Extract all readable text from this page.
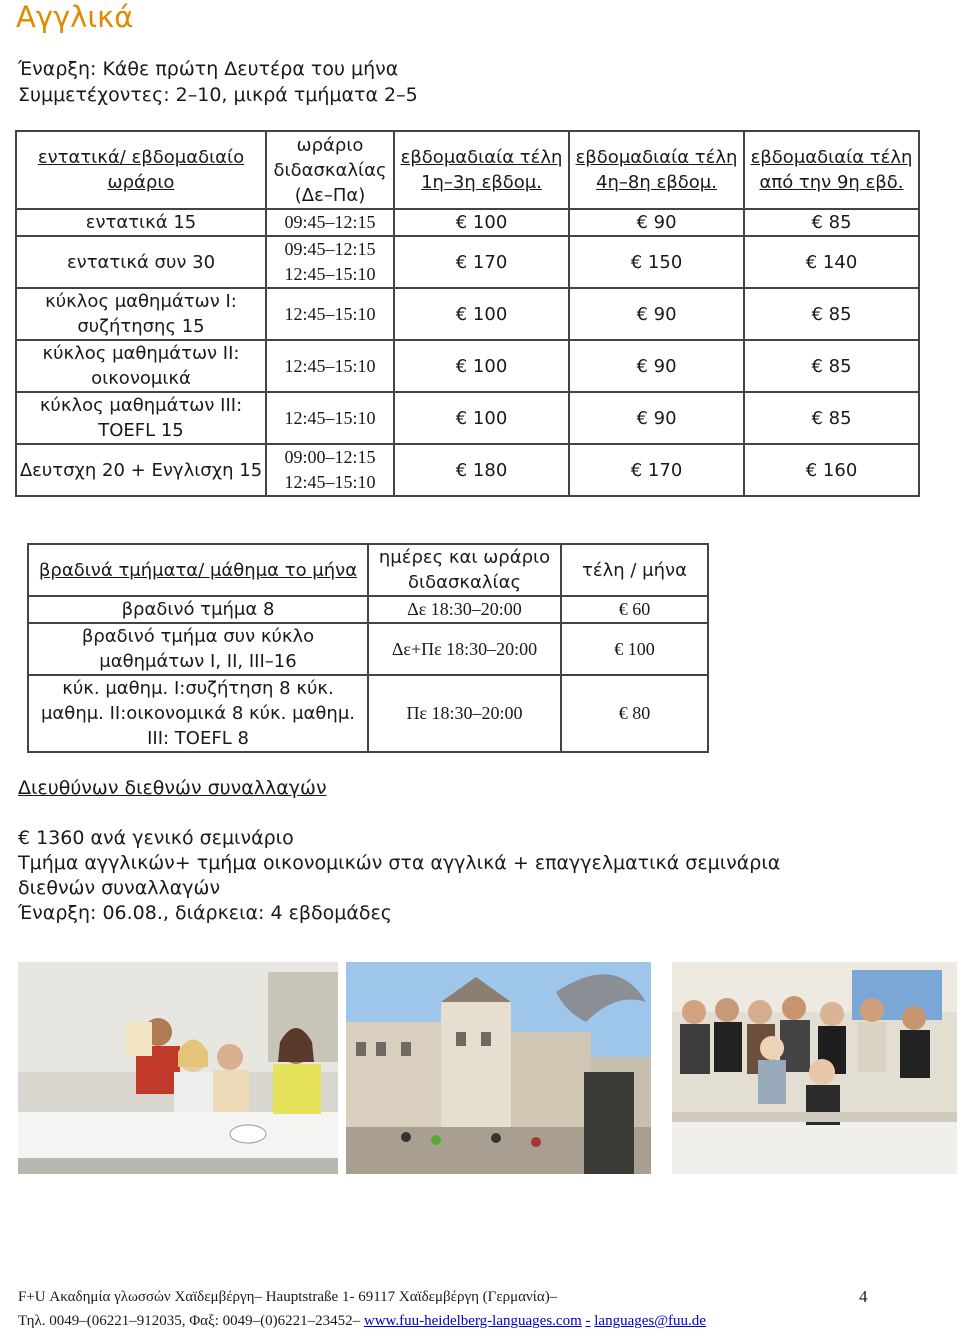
Αγγλικά
Έναρξη: Κάθε πρώτη Δευτέρα του μήνα
Συμμετέχοντες: 2–10, μικρά τμήματα 2–5
εντατικά/ εβδομαδιαίο ωράριο	ωράριο διδασκαλίας (Δε–Πα)	εβδομαδιαία τέλη 1η–3η εβδομ.	εβδομαδιαία τέλη 4η–8η εβδομ.	εβδομαδιαία τέλη από την 9η εβδ.
εντατικά 15	09:45–12:15	€ 100	€ 90	€ 85
εντατικά συν 30	09:45–12:15 12:45–15:10	€ 170	€ 150	€ 140
κύκλος μαθημάτων I: συζήτησης 15	12:45–15:10	€ 100	€ 90	€ 85
κύκλος μαθημάτων II: οικονομικά	12:45–15:10	€ 100	€ 90	€ 85
κύκλος μαθημάτων III: TOEFL 15	12:45–15:10	€ 100	€ 90	€ 85
Δευτσχη 20 + Ενγλισχη 15	09:00–12:15 12:45–15:10	€ 180	€ 170	€ 160
βραδινά τμήματα/ μάθημα το μήνα	ημέρες και ωράριο διδασκαλίας	τέλη / μήνα
βραδινό τμήμα 8	Δε 18:30–20:00	€ 60
βραδινό τμήμα συν κύκλο μαθημάτων I, II, III–16	Δε+Πε 18:30–20:00	€ 100
κύκ. μαθημ. I:συζήτηση 8 κύκ. μαθημ. II:οικονομικά 8 κύκ. μαθημ. III: TOEFL 8	Πε 18:30–20:00	€ 80
Διευθύνων διεθνών συναλλαγών
€ 1360 ανά γενικό σεμινάριο
Τμήμα αγγλικών+ τμήμα οικονομικών στα αγγλικά + επαγγελματικά σεμινάρια
διεθνών συναλλαγών
Έναρξη: 06.08., διάρκεια: 4 εβδομάδες
F+U Ακαδημία γλωσσών Χαϊδεμβέργη– Hauptstraße 1- 69117 Χαϊδεμβέργη (Γερμανία)–
Τηλ. 0049–(06221–912035, Φαξ: 0049–(0)6221–23452– www.fuu-heidelberg-languages.com - languages@fuu.de
4
